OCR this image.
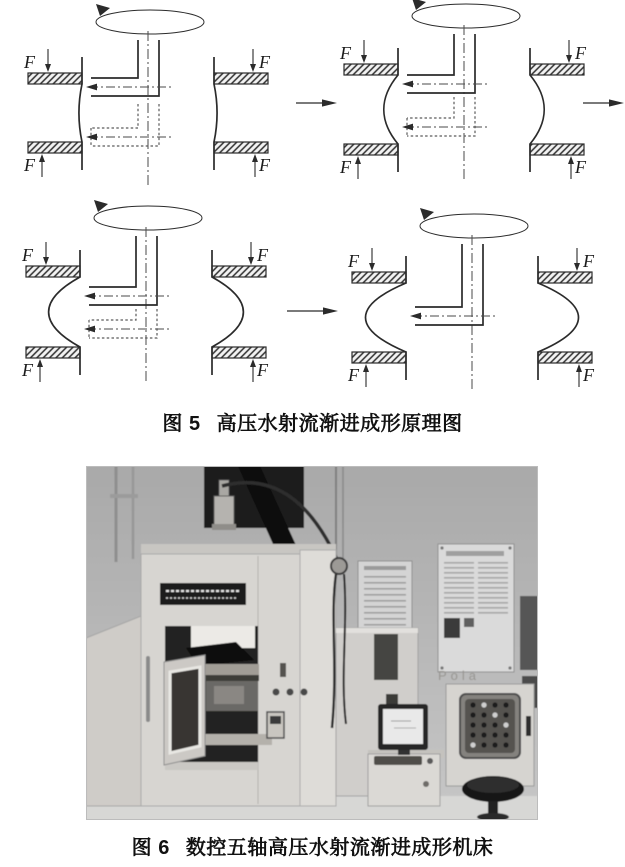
F
F
F
F
F
F
F
F
F
F
F
F
F
F
F
F
图 5 高压水射流渐进成形原理图
Pola
图 6 数控五轴高压水射流渐进成形机床
